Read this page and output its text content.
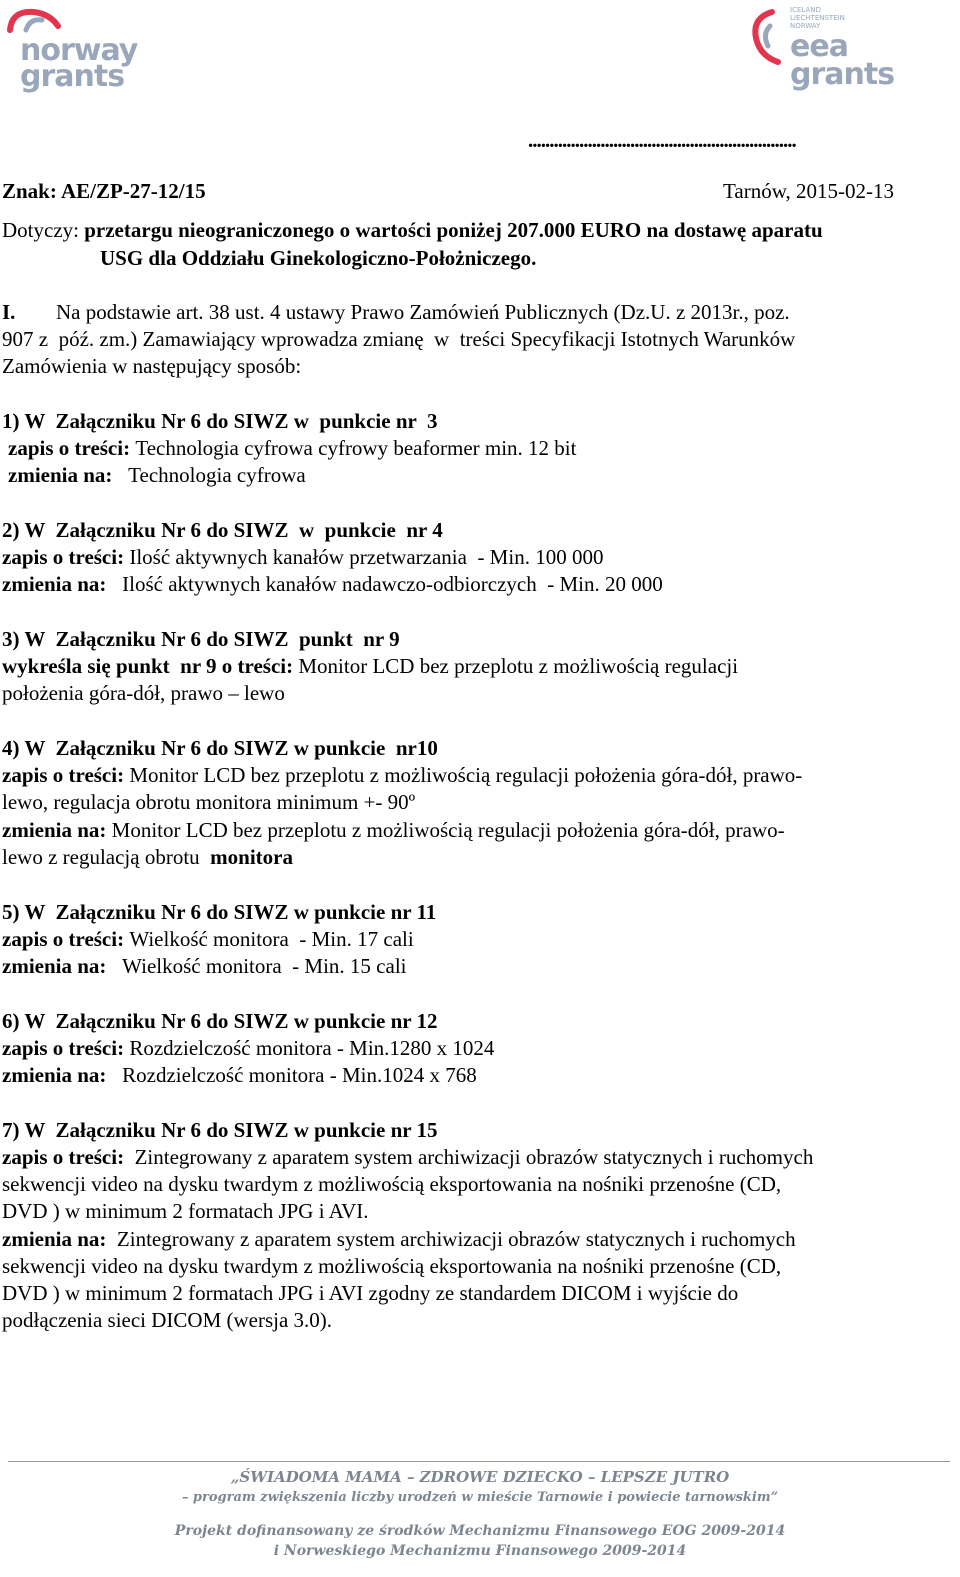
norway
grants
ICELAND
LIECHTENSTEIN
NORWAY
eea
grants
...............................................................
Znak: AE/ZP-27-12/15	Tarnów, 2015-02-13
Dotyczy: przetargu nieograniczonego o wartości poniżej 207.000 EURO na dostawę aparatu
USG dla Oddziału Ginekologiczno-Położniczego.
I. Na podstawie art. 38 ust. 4 ustawy Prawo Zamówień Publicznych (Dz.U. z 2013r., poz.
907 z  póź. zm.) Zamawiający wprowadza zmianę  w  treści Specyfikacji Istotnych Warunków
Zamówienia w następujący sposób:
1) W  Załączniku Nr 6 do SIWZ w  punkcie nr  3
zapis o treści: Technologia cyfrowa cyfrowy beaformer min. 12 bit
zmienia na:   Technologia cyfrowa
2) W  Załączniku Nr 6 do SIWZ  w  punkcie  nr 4
zapis o treści: Ilość aktywnych kanałów przetwarzania  - Min. 100 000
zmienia na:   Ilość aktywnych kanałów nadawczo-odbiorczych  - Min. 20 000
3) W  Załączniku Nr 6 do SIWZ  punkt  nr 9
wykreśla się punkt  nr 9 o treści: Monitor LCD bez przeplotu z możliwością regulacji
położenia góra-dół, prawo – lewo
4) W  Załączniku Nr 6 do SIWZ w punkcie  nr10
zapis o treści: Monitor LCD bez przeplotu z możliwością regulacji położenia góra-dół, prawo-
lewo, regulacja obrotu monitora minimum +- 90º
zmienia na: Monitor LCD bez przeplotu z możliwością regulacji położenia góra-dół, prawo-
lewo z regulacją obrotu  monitora
5) W  Załączniku Nr 6 do SIWZ w punkcie nr 11
zapis o treści: Wielkość monitora  - Min. 17 cali
zmienia na:   Wielkość monitora  - Min. 15 cali
6) W  Załączniku Nr 6 do SIWZ w punkcie nr 12
zapis o treści: Rozdzielczość monitora - Min.1280 x 1024
zmienia na:   Rozdzielczość monitora - Min.1024 x 768
7) W  Załączniku Nr 6 do SIWZ w punkcie nr 15
zapis o treści:  Zintegrowany z aparatem system archiwizacji obrazów statycznych i ruchomych
sekwencji video na dysku twardym z możliwością eksportowania na nośniki przenośne (CD,
DVD ) w minimum 2 formatach JPG i AVI.
zmienia na:  Zintegrowany z aparatem system archiwizacji obrazów statycznych i ruchomych
sekwencji video na dysku twardym z możliwością eksportowania na nośniki przenośne (CD,
DVD ) w minimum 2 formatach JPG i AVI zgodny ze standardem DICOM i wyjście do
podłączenia sieci DICOM (wersja 3.0).
„ŚWIADOMA MAMA – ZDROWE DZIECKO – LEPSZE JUTRO
– program zwiększenia liczby urodzeń w mieście Tarnowie i powiecie tarnowskim”
Projekt dofinansowany ze środków Mechanizmu Finansowego EOG 2009-2014
i Norweskiego Mechanizmu Finansowego 2009-2014
